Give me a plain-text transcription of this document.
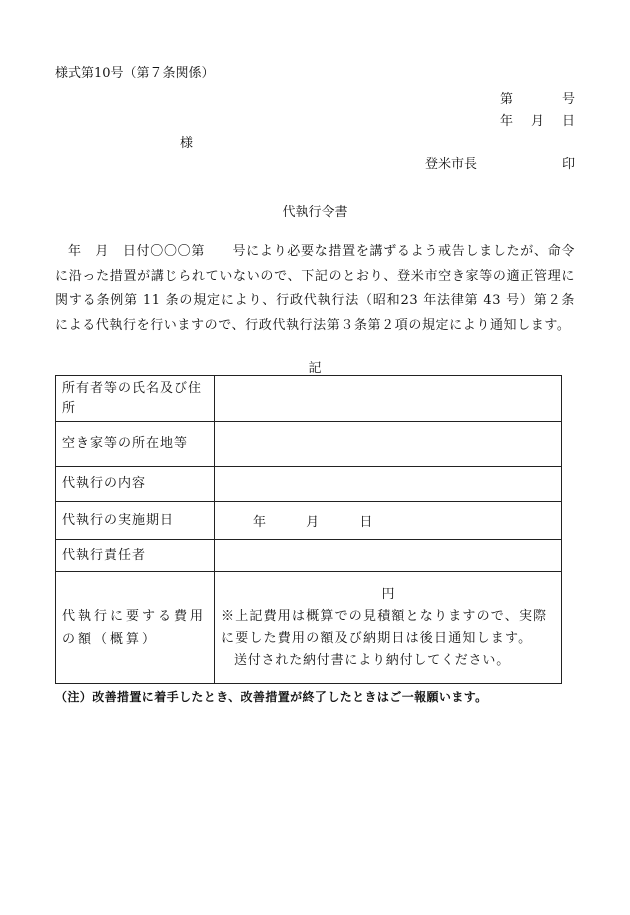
様式第10号（第７条関係）
第	号
年 月 日
様
登米市長	印
代執行令書
年　月　日付〇〇〇第　　号により必要な措置を講ずるよう戒告しましたが、命令に沿った措置が講じられていないので、下記のとおり、登米市空き家等の適正管理に関する条例第 11 条の規定により、行政代執行法（昭和23 年法律第 43 号）第２条による代執行を行いますので、行政代執行法第３条第２項の規定により通知します。
記
所有者等の氏名及び住所	
空き家等の所在地等	
代執行の内容	
代執行の実施期日	年 月 日
代執行責任者	
代執行に要する費用の額（概算）	円
※上記費用は概算での見積額となりますので、実際に要した費用の額及び納期日は後日通知します。
送付された納付書により納付してください。
（注）改善措置に着手したとき、改善措置が終了したときはご一報願います。
